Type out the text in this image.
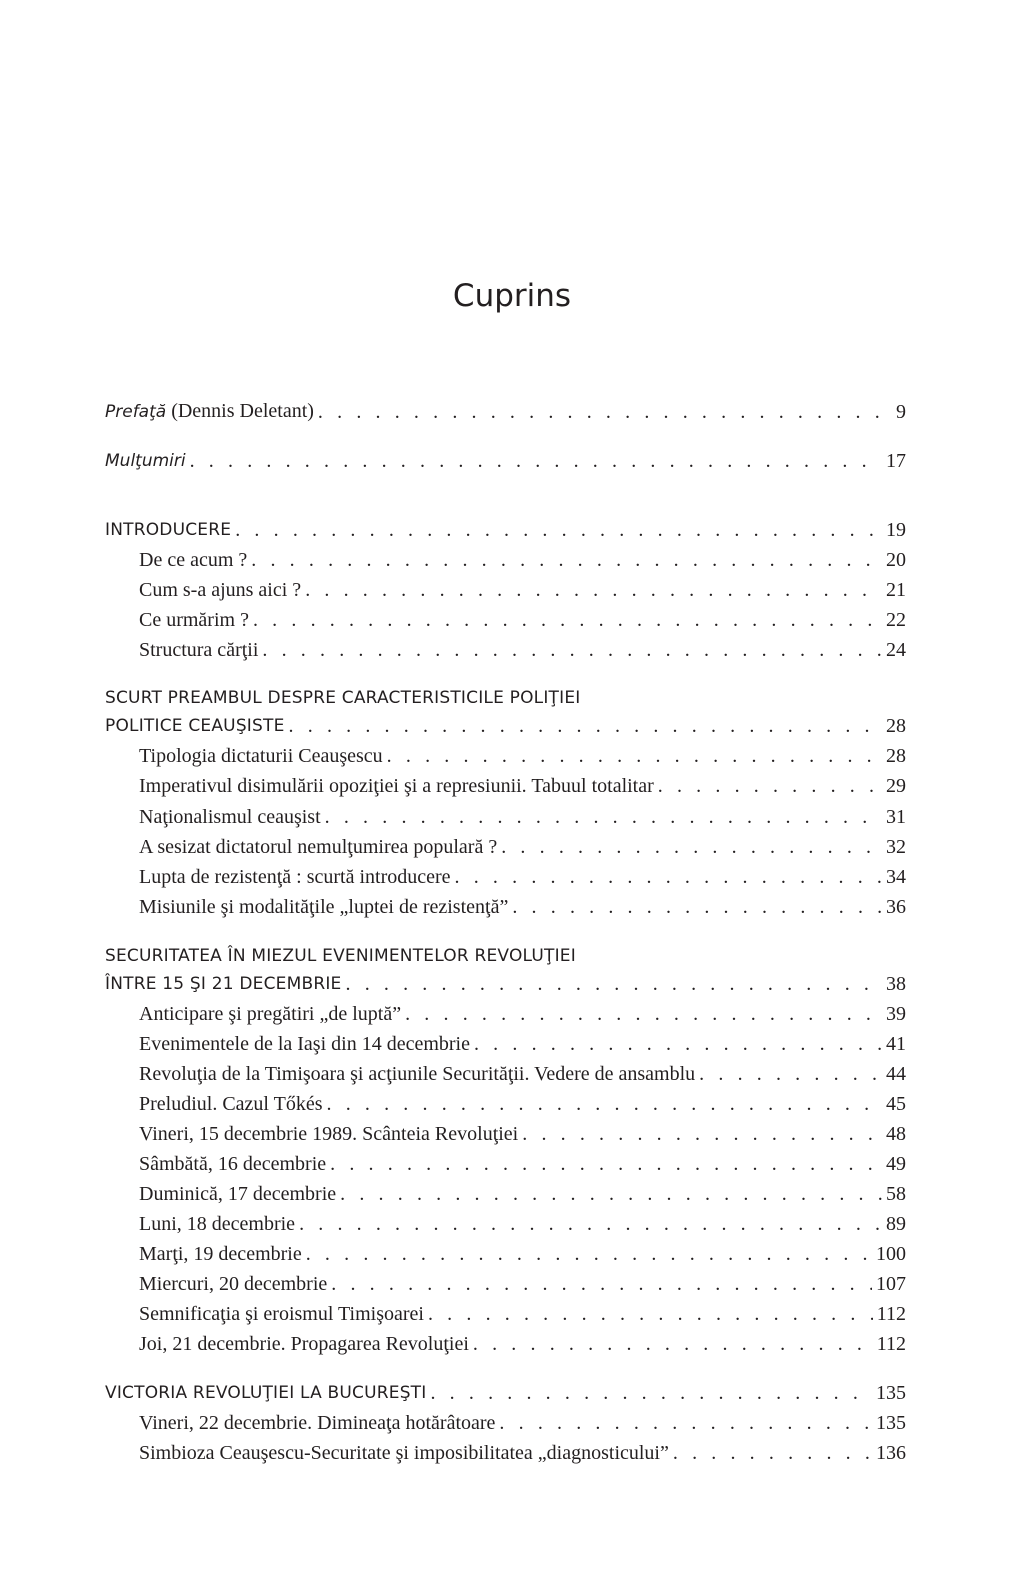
Cuprins
Prefaţă (Dennis Deletant) . . .	9
Mulţumiri . . .	17
INTRODUCERE . . .	19
De ce acum ? . . .	20
Cum s-a ajuns aici ? . . .	21
Ce urmărim ? . . .	22
Structura cărţii . . .	24
SCURT PREAMBUL DESPRE CARACTERISTICILE POLIŢIEI
POLITICE CEAUŞISTE . . .	28
Tipologia dictaturii Ceauşescu . . .	28
Imperativul disimulării opoziţiei şi a represiunii. Tabuul totalitar . . .	29
Naţionalismul ceauşist . . .	31
A sesizat dictatorul nemulţumirea populară ? . . .	32
Lupta de rezistenţă : scurtă introducere . . .	34
Misiunile şi modalităţile „luptei de rezistenţă” . . .	36
SECURITATEA ÎN MIEZUL EVENIMENTELOR REVOLUŢIEI
ÎNTRE 15 ŞI 21 DECEMBRIE . . .	38
Anticipare şi pregătiri „de luptă” . . .	39
Evenimentele de la Iaşi din 14 decembrie . . .	41
Revoluţia de la Timişoara şi acţiunile Securităţii. Vedere de ansamblu . . .	44
Preludiul. Cazul Tőkés . . .	45
Vineri, 15 decembrie 1989. Scânteia Revoluţiei . . .	48
Sâmbătă, 16 decembrie . . .	49
Duminică, 17 decembrie . . .	58
Luni, 18 decembrie . . .	89
Marţi, 19 decembrie . . .	100
Miercuri, 20 decembrie . . .	107
Semnificaţia şi eroismul Timişoarei . . .	112
Joi, 21 decembrie. Propagarea Revoluţiei . . .	112
VICTORIA REVOLUŢIEI LA BUCUREŞTI . . .	135
Vineri, 22 decembrie. Dimineaţa hotărâtoare . . .	135
Simbioza Ceauşescu-Securitate şi imposibilitatea „diagnosticului” . . .	136
